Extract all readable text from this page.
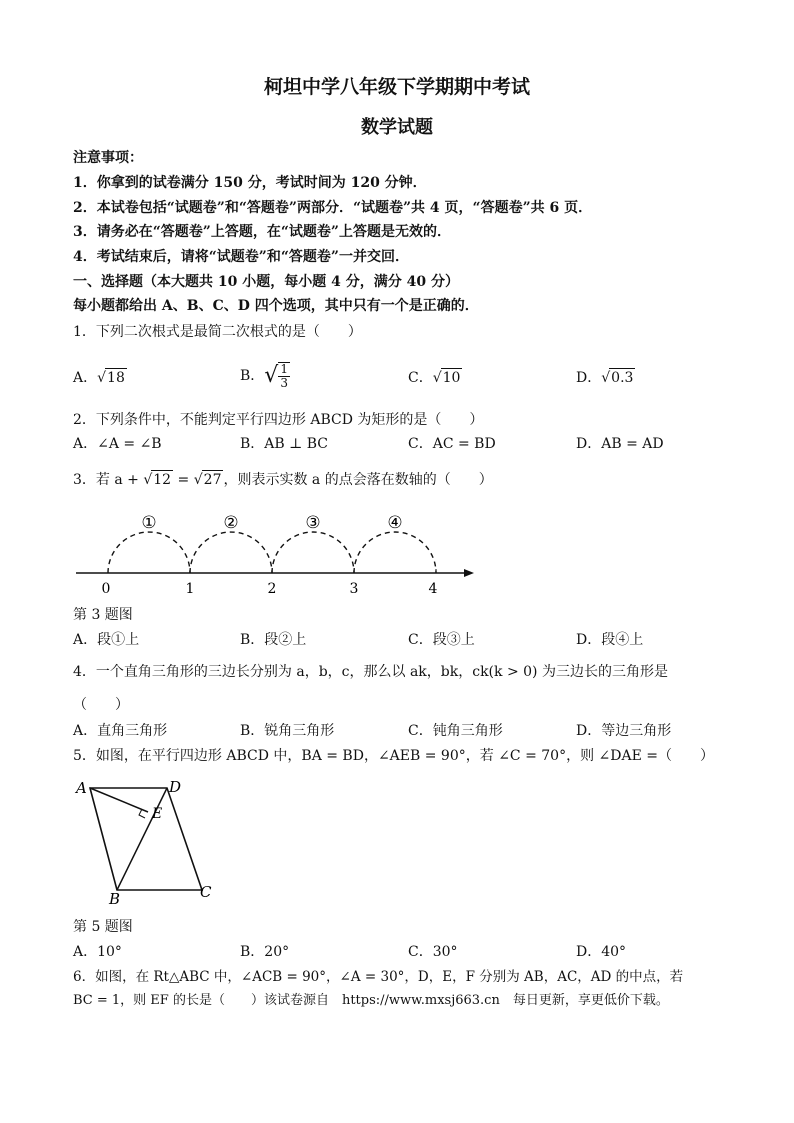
柯坦中学八年级下学期期中考试
数学试题
注意事项：
1．你拿到的试卷满分 150 分，考试时间为 120 分钟．
2．本试卷包括“试题卷”和“答题卷”两部分．“试题卷”共 4 页，“答题卷”共 6 页．
3．请务必在“答题卷”上答题，在“试题卷”上答题是无效的．
4．考试结束后，请将“试题卷”和“答题卷”一并交回．
一、选择题（本大题共 10 小题，每小题 4 分，满分 40 分）
每小题都给出 A、B、C、D 四个选项，其中只有一个是正确的．
1．下列二次根式是最简二次根式的是（　　）
A．√18	B．√ $\frac{1}{3}$	C．√10	D．√0.3
2．下列条件中，不能判定平行四边形 ABCD 为矩形的是（　　）
A．∠A = ∠B	B．AB ⊥ BC	C．AC = BD	D．AB = AD
3．若 a + √12 = √27 ，则表示实数 a 的点会落在数轴的（　　）
①	②	③	④
0	1	2	3	4
第 3 题图
A．段①上	B．段②上	C．段③上	D．段④上
4．一个直角三角形的三边长分别为 a，b，c，那么以 ak，bk，ck(k > 0) 为三边长的三角形是
（　　）
A．直角三角形	B．锐角三角形	C．钝角三角形	D．等边三角形
5．如图，在平行四边形 ABCD 中，BA = BD，∠AEB = 90°，若 ∠C = 70°，则 ∠DAE =（　　）
A	D
E
B	C
第 5 题图
A．10°	B．20°	C．30°	D．40°
6．如图，在 Rt△ABC 中，∠ACB = 90°，∠A = 30°，D，E，F 分别为 AB，AC，AD 的中点，若
BC = 1，则 EF 的长是（　　）该试卷源自　https://www.mxsj663.cn　每日更新，享更低价下载。
